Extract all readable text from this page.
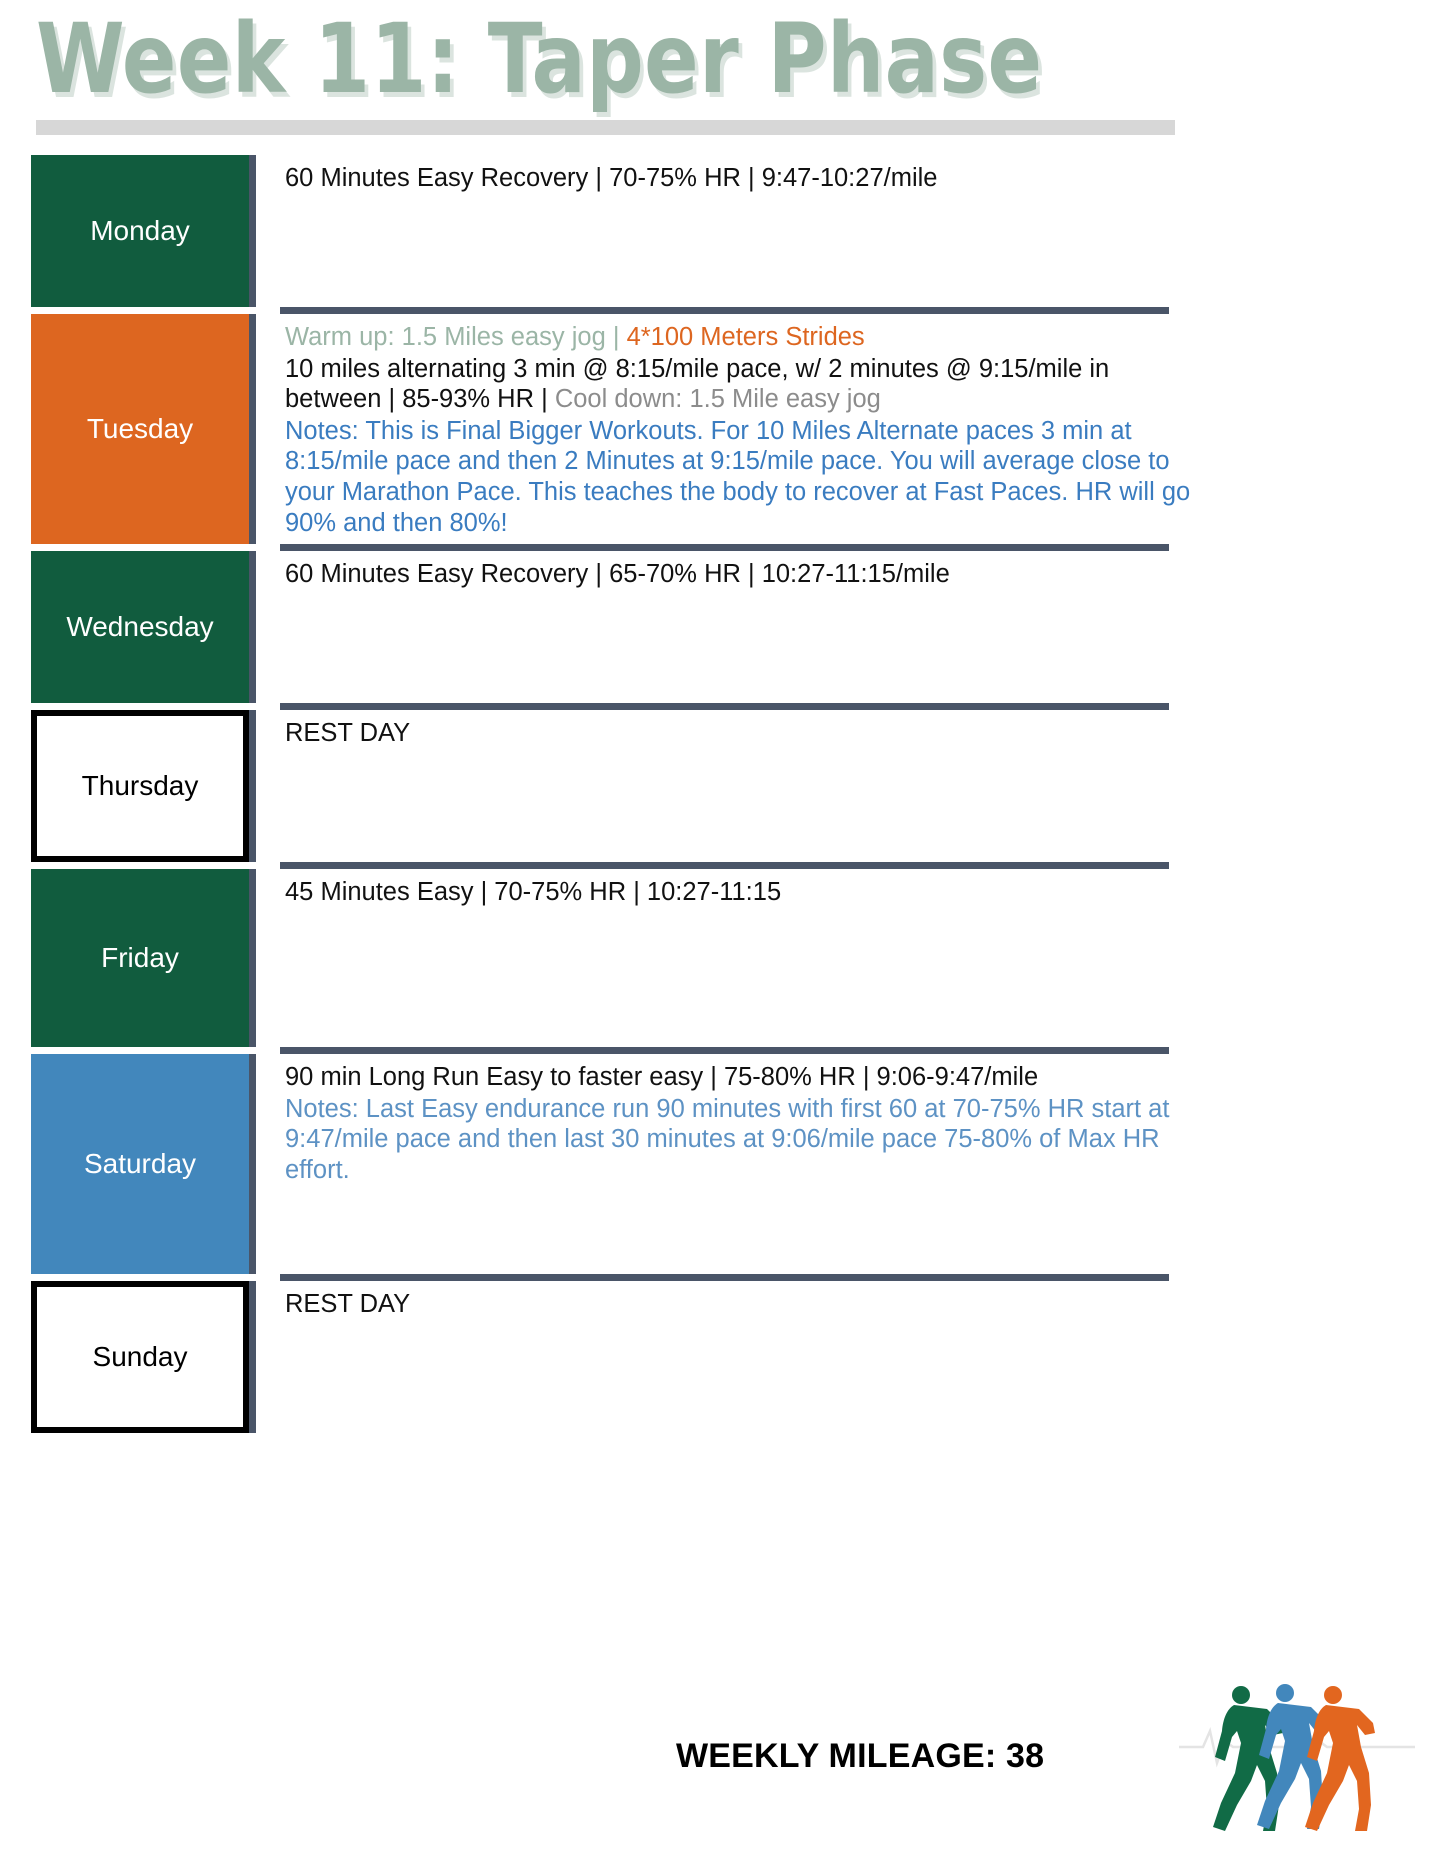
Week 11: Taper Phase
Monday
60 Minutes Easy Recovery | 70-75% HR | 9:47-10:27/mile
Tuesday
Warm up: 1.5 Miles easy jog | 4*100 Meters Strides
10 miles alternating 3 min @ 8:15/mile pace, w/ 2 minutes @ 9:15/mile in between | 85-93% HR | Cool down: 1.5 Mile easy jog
Notes: This is Final Bigger Workouts. For 10 Miles Alternate paces 3 min at 8:15/mile pace and then 2 Minutes at 9:15/mile pace. You will average close to your Marathon Pace. This teaches the body to recover at Fast Paces. HR will go 90% and then 80%!
Wednesday
60 Minutes Easy Recovery | 65-70% HR | 10:27-11:15/mile
Thursday
REST DAY
Friday
45 Minutes Easy | 70-75% HR | 10:27-11:15
Saturday
90 min Long Run Easy to faster easy | 75-80% HR | 9:06-9:47/mile
Notes: Last Easy endurance run 90 minutes with first 60 at 70-75% HR start at 9:47/mile pace and then last 30 minutes at 9:06/mile pace 75-80% of Max HR effort.
Sunday
REST DAY
WEEKLY MILEAGE: 38
